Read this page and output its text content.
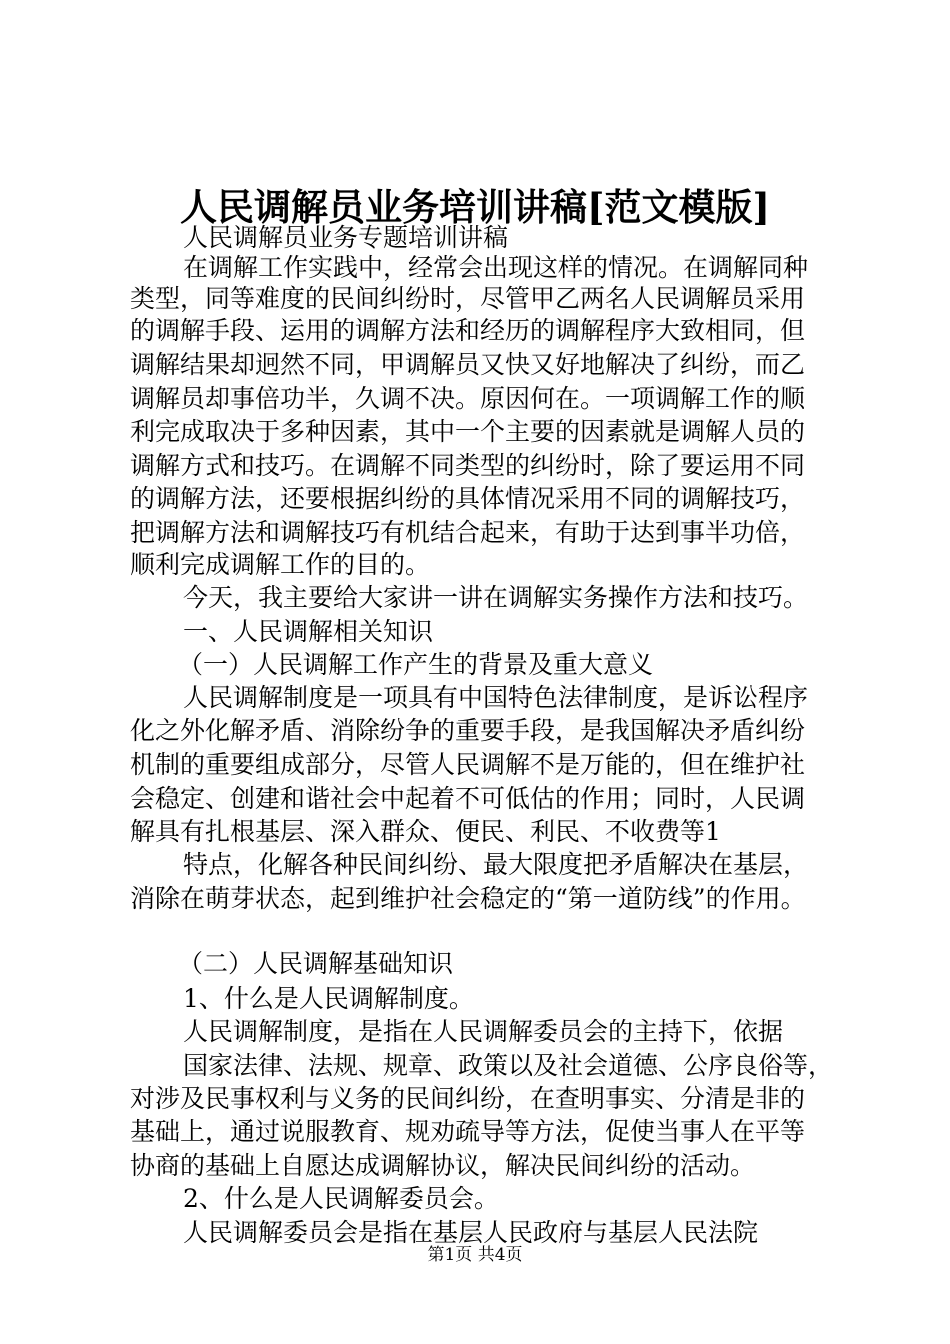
人民调解员业务培训讲稿[范文模版]
人民调解员业务专题培训讲稿
在调解工作实践中，经常会出现这样的情况。在调解同种
类型，同等难度的民间纠纷时，尽管甲乙两名人民调解员采用
的调解手段、运用的调解方法和经历的调解程序大致相同，但
调解结果却迥然不同，甲调解员又快又好地解决了纠纷，而乙
调解员却事倍功半，久调不决。原因何在。一项调解工作的顺
利完成取决于多种因素，其中一个主要的因素就是调解人员的
调解方式和技巧。在调解不同类型的纠纷时，除了要运用不同
的调解方法，还要根据纠纷的具体情况采用不同的调解技巧，
把调解方法和调解技巧有机结合起来，有助于达到事半功倍，
顺利完成调解工作的目的。
今天，我主要给大家讲一讲在调解实务操作方法和技巧。
一、人民调解相关知识
（一）人民调解工作产生的背景及重大意义
人民调解制度是一项具有中国特色法律制度，是诉讼程序
化之外化解矛盾、消除纷争的重要手段，是我国解决矛盾纠纷
机制的重要组成部分，尽管人民调解不是万能的，但在维护社
会稳定、创建和谐社会中起着不可低估的作用；同时，人民调
解具有扎根基层、深入群众、便民、利民、不收费等1
特点，化解各种民间纠纷、最大限度把矛盾解决在基层，
消除在萌芽状态，起到维护社会稳定的“第一道防线”的作用。
（二）人民调解基础知识
1、什么是人民调解制度。
人民调解制度，是指在人民调解委员会的主持下，依据
国家法律、法规、规章、政策以及社会道德、公序良俗等，
对涉及民事权利与义务的民间纠纷，在查明事实、分清是非的
基础上，通过说服教育、规劝疏导等方法，促使当事人在平等
协商的基础上自愿达成调解协议，解决民间纠纷的活动。
2、什么是人民调解委员会。
人民调解委员会是指在基层人民政府与基层人民法院
第1页 共4页
